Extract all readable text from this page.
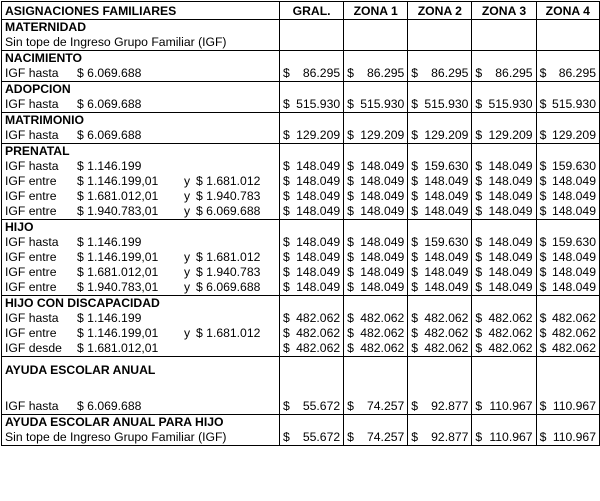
ASIGNACIONES FAMILIARES	GRAL.	ZONA 1	ZONA 2	ZONA 3	ZONA 4
MATERNIDAD					
Sin tope de Ingreso Grupo Familiar (IGF)					
NACIMIENTO					

IGF hasta $ 6.069.688	$ 86.295	$ 86.295	$ 86.295	$ 86.295	$ 86.295

ADOPCION					

IGF hasta $ 6.069.688	$ 515.930	$ 515.930	$ 515.930	$ 515.930	$ 515.930

MATRIMONIO					

IGF hasta $ 6.069.688	$ 129.209	$ 129.209	$ 129.209	$ 129.209	$ 129.209

PRENATAL					

IGF hasta $ 1.146.199	$ 148.049	$ 148.049	$ 159.630	$ 148.049	$ 159.630

IGF entre $ 1.146.199,01 y $ 1.681.012	$ 148.049	$ 148.049	$ 148.049	$ 148.049	$ 148.049

IGF entre $ 1.681.012,01 y $ 1.940.783	$ 148.049	$ 148.049	$ 148.049	$ 148.049	$ 148.049

IGF entre $ 1.940.783,01 y $ 6.069.688	$ 148.049	$ 148.049	$ 148.049	$ 148.049	$ 148.049

HIJO					

IGF hasta $ 1.146.199	$ 148.049	$ 148.049	$ 159.630	$ 148.049	$ 159.630

IGF entre $ 1.146.199,01 y $ 1.681.012	$ 148.049	$ 148.049	$ 148.049	$ 148.049	$ 148.049

IGF entre $ 1.681.012,01 y $ 1.940.783	$ 148.049	$ 148.049	$ 148.049	$ 148.049	$ 148.049

IGF entre $ 1.940.783,01 y $ 6.069.688	$ 148.049	$ 148.049	$ 148.049	$ 148.049	$ 148.049

HIJO CON DISCAPACIDAD					

IGF hasta $ 1.146.199	$ 482.062	$ 482.062	$ 482.062	$ 482.062	$ 482.062

IGF entre $ 1.146.199,01 y $ 1.681.012	$ 482.062	$ 482.062	$ 482.062	$ 482.062	$ 482.062

IGF desde $ 1.681.012,01	$ 482.062	$ 482.062	$ 482.062	$ 482.062	$ 482.062

AYUDA ESCOLAR ANUAL					

IGF hasta $ 6.069.688	$ 55.672	$ 74.257	$ 92.877	$ 110.967	$ 110.967

AYUDA ESCOLAR ANUAL PARA HIJO					
Sin tope de Ingreso Grupo Familiar (IGF)	$ 55.672	$ 74.257	$ 92.877	$ 110.967	$ 110.967
